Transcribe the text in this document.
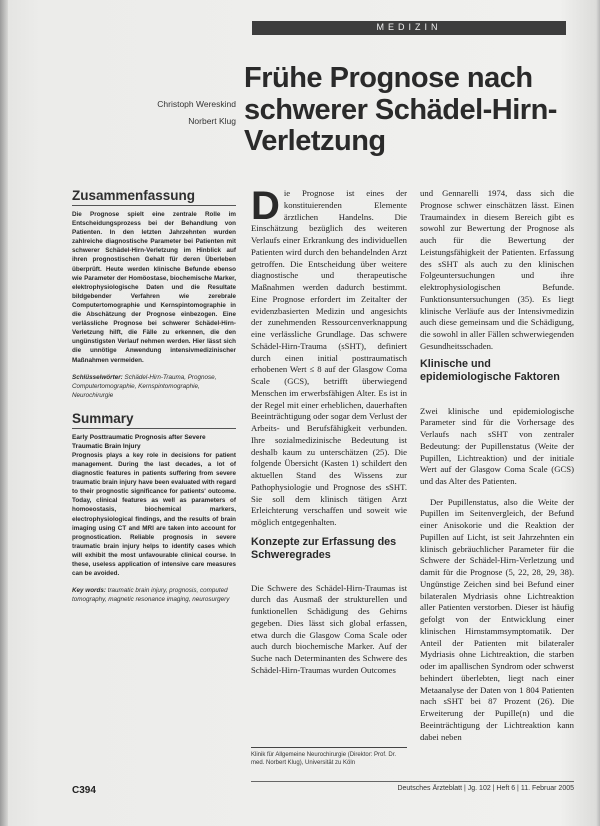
MEDIZIN
Christoph Wereskind
Norbert Klug
Frühe Prognose nach schwerer Schädel-Hirn-Verletzung
Zusammenfassung

Die Prognose spielt eine zentrale Rolle im Entscheidungsprozess bei der Behandlung von Patienten. In den letzten Jahrzehnten wurden zahlreiche diagnostische Parameter bei Patienten mit schwerer Schädel-Hirn-Verletzung im Hinblick auf ihren prognostischen Gehalt für deren Überleben überprüft. Heute werden klinische Befunde ebenso wie Parameter der Homöostase, biochemische Marker, elektrophysiologische Daten und die Resultate bildgebender Verfahren wie zerebrale Computertomographie und Kernspintomographie in die Abschätzung der Prognose einbezogen. Eine verlässliche Prognose bei schwerer Schädel-Hirn-Verletzung hilft, die Fälle zu erkennen, die den ungünstigsten Verlauf nehmen werden. Hier lässt sich die unnötige Anwendung intensivmedizinischer Maßnahmen vermeiden.

Schlüsselwörter: Schädel-Hirn-Trauma, Prognose, Computertomographie, Kernspintomographie, Neurochirurgie
Summary
Early Posttraumatic Prognosis after Severe Traumatic Brain Injury

Prognosis plays a key role in decisions for patient management. During the last decades, a lot of diagnostic features in patients suffering from severe traumatic brain injury have been evaluated with regard to their prognostic significance for patients' outcome. Today, clinical features as well as parameters of homoeostasis, biochemical markers, electrophysiological findings, and the results of brain imaging using CT and MRI are taken into account for prognostication. Reliable prognosis in severe traumatic brain injury helps to identify cases which will exhibit the most unfavourable clinical course. In these, useless application of intensive care measures can be avoided.

Key words: traumatic brain injury, prognosis, computed tomography, magnetic resonance imaging, neurosurgery
D ie Prognose ist eines der konstituierenden Elemente ärztlichen Handelns. Die Einschätzung bezüglich des weiteren Verlaufs einer Erkrankung des individuellen Patienten wird durch den behandelnden Arzt getroffen. Die Entscheidung über weitere diagnostische und therapeutische Maßnahmen werden dadurch bestimmt. Eine Prognose erfordert im Zeitalter der evidenzbasierten Medizin und angesichts der zunehmenden Ressourcenverknappung eine verlässliche Grundlage. Das schwere Schädel-Hirn-Trauma (sSHT), definiert durch einen initial posttraumatisch erhobenen Wert ≤ 8 auf der Glasgow Coma Scale (GCS), betrifft überwiegend Menschen im erwerbsfähigen Alter. Es ist in der Regel mit einer erheblichen, dauerhaften Beeinträchtigung oder sogar dem Verlust der Arbeits- und Berufsfähigkeit verbunden. Ihre sozialmedizinische Bedeutung ist deshalb kaum zu unterschätzen (25). Die folgende Übersicht (Kasten 1) schildert den aktuellen Stand des Wissens zur Pathophysiologie und Prognose des sSHT. Sie soll dem klinisch tätigen Arzt Erleichterung verschaffen und soweit wie möglich entgegenhalten.

Konzepte zur Erfassung des Schweregrades

Die Schwere des Schädel-Hirn-Traumas ist durch das Ausmaß der strukturellen und funktionellen Schädigung des Gehirns gegeben. Dies lässt sich global erfassen, etwa durch die Glasgow Coma Scale oder auch durch biochemische Marker. Auf der Suche nach Determinanten des Schwere des Schädel-Hirn-Traumas wurden Outcomes

und Gennarelli 1974, dass sich die Prognose schwer einschätzen lässt. Einen Traumaindex in diesem Bereich gibt es sowohl zur Bewertung der Prognose als auch für die Bewertung der Leistungsfähigkeit der Patienten. Erfassung des sSHT als auch zu den klinischen Folgeuntersuchungen und ihre elektrophysiologischen Befunde. Funktionsuntersuchungen (35). Es liegt klinische Verläufe aus der Intensivmedizin auch diese gemeinsam und die Schädigung, die sowohl in aller Fällen schwerwiegenden Gesundheitsschaden.

Klinische und epidemiologische Faktoren

Zwei klinische und epidemiologische Parameter sind für die Vorhersage des Verlaufs nach sSHT von zentraler Bedeutung: der Pupillenstatus (Weite der Pupillen, Lichtreaktion) und der initiale Wert auf der Glasgow Coma Scale (GCS) und das Alter des Patienten.

Der Pupillenstatus, also die Weite der Pupillen im Seitenvergleich, der Befund einer Anisokorie und die Reaktion der Pupillen auf Licht, ist seit Jahrzehnten ein klinisch gebräuchlicher Parameter für die Schwere der Schädel-Hirn-Verletzung und damit für die Prognose (5, 22, 28, 29, 38). Ungünstige Zeichen sind bei Befund einer bilateralen Mydriasis ohne Lichtreaktion aller Patienten verstorben. Dieser ist häufig gefolgt von der Entwicklung einer klinischen Hirnstammsymptomatik. Der Anteil der Patienten mit bilateraler Mydriasis ohne Lichtreaktion, die starben oder im apallischen Syndrom oder schwerst behindert überlebten, liegt nach einer Metaanalyse der Daten von 1 804 Patienten nach sSHT bei 87 Prozent (26). Die Erweiterung der Pupille(n) und die Beeinträchtigung der Lichtreaktion kann dabei neben

Klinik für Allgemeine Neurochirurgie (Direktor: Prof. Dr. med. Norbert Klug), Universität zu Köln
C394	Deutsches Ärzteblatt | Jg. 102 | Heft 6 | 11. Februar 2005
